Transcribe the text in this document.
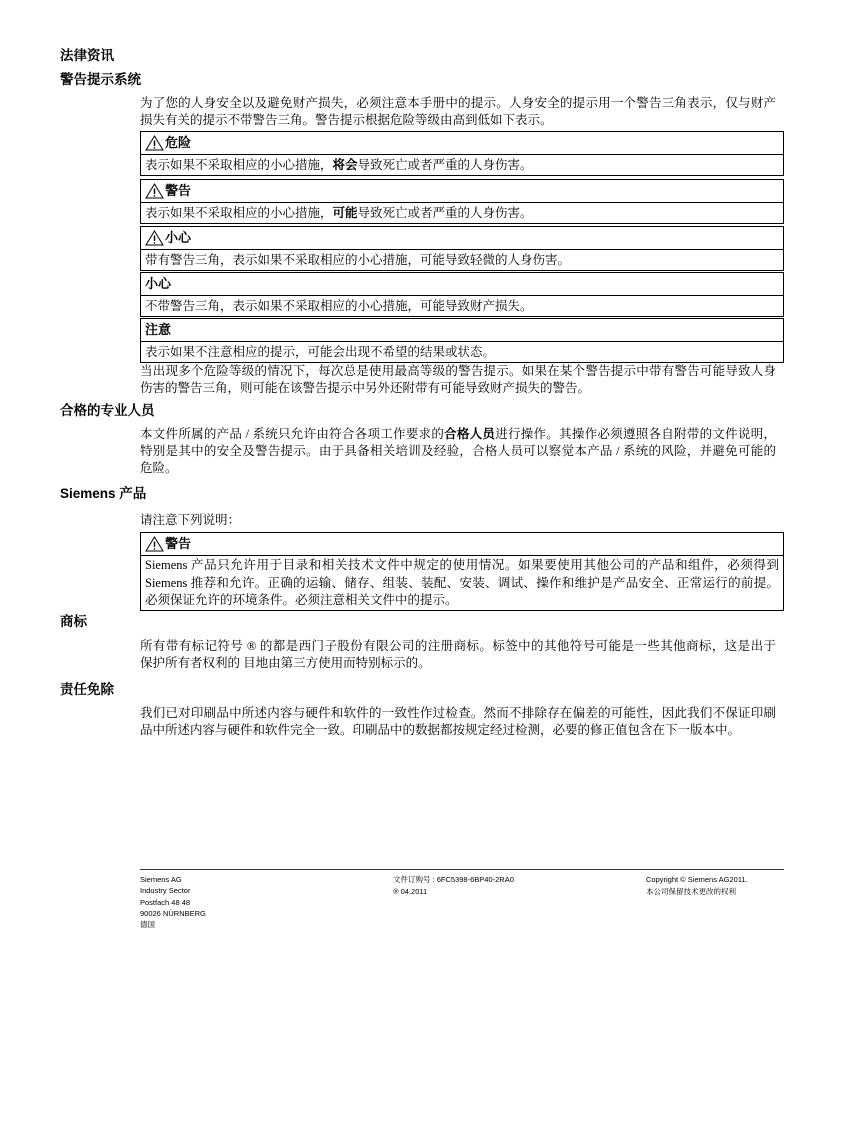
法律资讯
警告提示系统
为了您的人身安全以及避免财产损失，必须注意本手册中的提示。人身安全的提示用一个警告三角表示，仅与财产
损失有关的提示不带警告三角。警告提示根据危险等级由高到低如下表示。
危险
表示如果不采取相应的小心措施，将会导致死亡或者严重的人身伤害。
警告
表示如果不采取相应的小心措施，可能导致死亡或者严重的人身伤害。
小心
带有警告三角，表示如果不采取相应的小心措施，可能导致轻微的人身伤害。
小心
不带警告三角，表示如果不采取相应的小心措施，可能导致财产损失。
注意
表示如果不注意相应的提示，可能会出现不希望的结果或状态。
当出现多个危险等级的情况下，每次总是使用最高等级的警告提示。如果在某个警告提示中带有警告可能导致人身
伤害的警告三角，则可能在该警告提示中另外还附带有可能导致财产损失的警告。
合格的专业人员
本文件所属的产品 / 系统只允许由符合各项工作要求的合格人员进行操作。其操作必须遵照各自附带的文件说明，
特别是其中的安全及警告提示。由于具备相关培训及经验，合格人员可以察觉本产品 / 系统的风险，并避免可能的
危险。
Siemens 产品
请注意下列说明：
警告
Siemens 产品只允许用于目录和相关技术文件中规定的使用情况。如果要使用其他公司的产品和组件，必须得到
Siemens 推荐和允许。正确的运输、储存、组装、装配、安装、调试、操作和维护是产品安全、正常运行的前提。
必须保证允许的环境条件。必须注意相关文件中的提示。
商标
所有带有标记符号 ® 的都是西门子股份有限公司的注册商标。标签中的其他符号可能是一些其他商标，这是出于
保护所有者权利的 目地由第三方使用而特别标示的。
责任免除
我们已对印刷品中所述内容与硬件和软件的一致性作过检查。然而不排除存在偏差的可能性，因此我们不保证印刷
品中所述内容与硬件和软件完全一致。印刷品中的数据都按规定经过检测，必要的修正值包含在下一版本中。
Siemens AG
Industry Sector
Postfach 48 48
90026 NÜRNBERG
德国
文件订购号 : 6FC5398-6BP40-2RA0
℗ 04.2011
Copyright © Siemens AG2011.
本公司保留技术更改的权利
